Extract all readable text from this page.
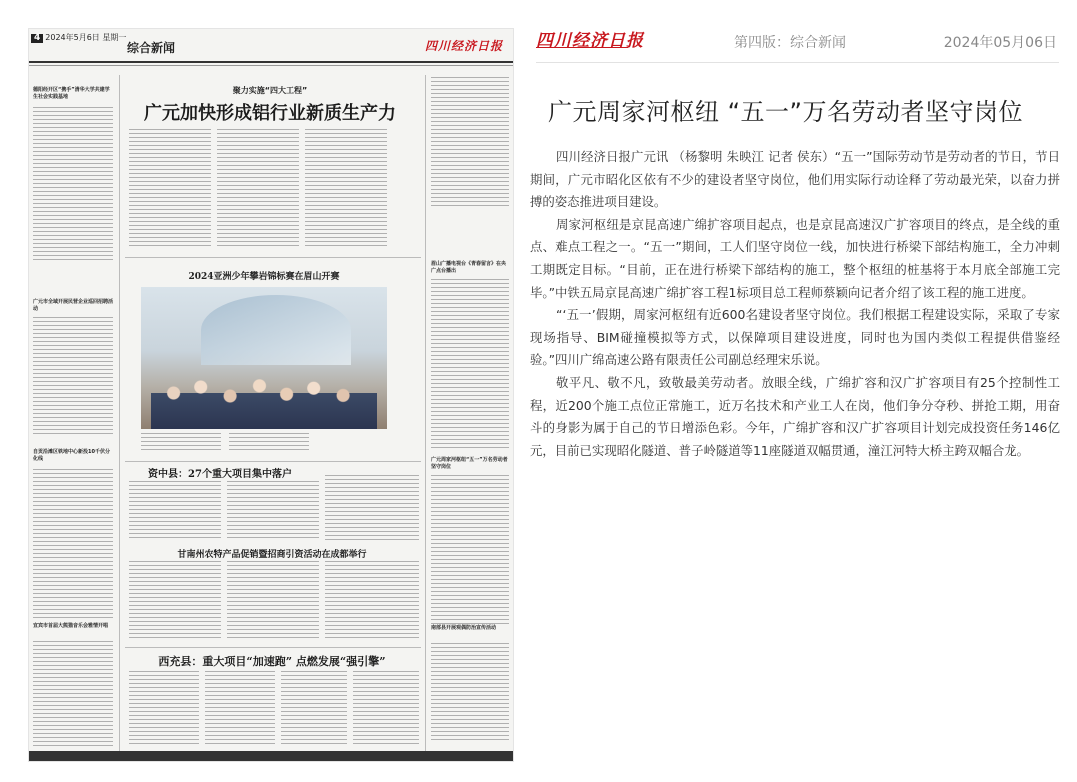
4 2024年5月6日 星期一
综合新闻	四川经济日报
德阳经开区“携手”清华大学共建学生社会实践基地
广元市全域开展民营企业巡回招聘活动
自贡沿滩区铁地中心新投10千伏分化线
宜宾市首届大熊猫音乐会雅情开唱
聚力实施“四大工程”
广元加快形成铝行业新质生产力
2024亚洲少年攀岩锦标赛在眉山开赛
眉山广播电视台《青春留言》在央广点台播出
广元周家河枢纽“五一”万名劳动者坚守岗位
南部县开展观偶防治宣传活动
资中县：27个重大项目集中落户
甘南州农特产品促销暨招商引资活动在成都举行
西充县：重大项目“加速跑” 点燃发展“强引擎”
四川经济日报	第四版：综合新闻	2024年05月06日
广元周家河枢纽 “五一”万名劳动者坚守岗位

四川经济日报广元讯 （杨黎明 朱映江 记者 侯东）“五一”国际劳动节是劳动者的节日，节日期间，广元市昭化区依有不少的建设者坚守岗位，他们用实际行动诠释了劳动最光荣，以奋力拼搏的姿态推进项目建设。

周家河枢纽是京昆高速广绵扩容项目起点，也是京昆高速汉广扩容项目的终点，是全线的重点、难点工程之一。“五一”期间，工人们坚守岗位一线，加快进行桥梁下部结构施工，全力冲刺工期既定目标。“目前，正在进行桥梁下部结构的施工，整个枢纽的桩基将于本月底全部施工完毕。”中铁五局京昆高速广绵扩容工程1标项目总工程师蔡颖向记者介绍了该工程的施工进度。

“‘五一’假期，周家河枢纽有近600名建设者坚守岗位。我们根据工程建设实际，采取了专家现场指导、BIM碰撞模拟等方式，以保障项目建设进度，同时也为国内类似工程提供借鉴经验。”四川广绵高速公路有限责任公司副总经理宋乐说。

敬平凡、敬不凡，致敬最美劳动者。放眼全线，广绵扩容和汉广扩容项目有25个控制性工程，近200个施工点位正常施工，近万名技术和产业工人在岗，他们争分夺秒、拼抢工期，用奋斗的身影为属于自己的节日增添色彩。今年，广绵扩容和汉广扩容项目计划完成投资任务146亿元，目前已实现昭化隧道、普子岭隧道等11座隧道双幅贯通，潼江河特大桥主跨双幅合龙。
